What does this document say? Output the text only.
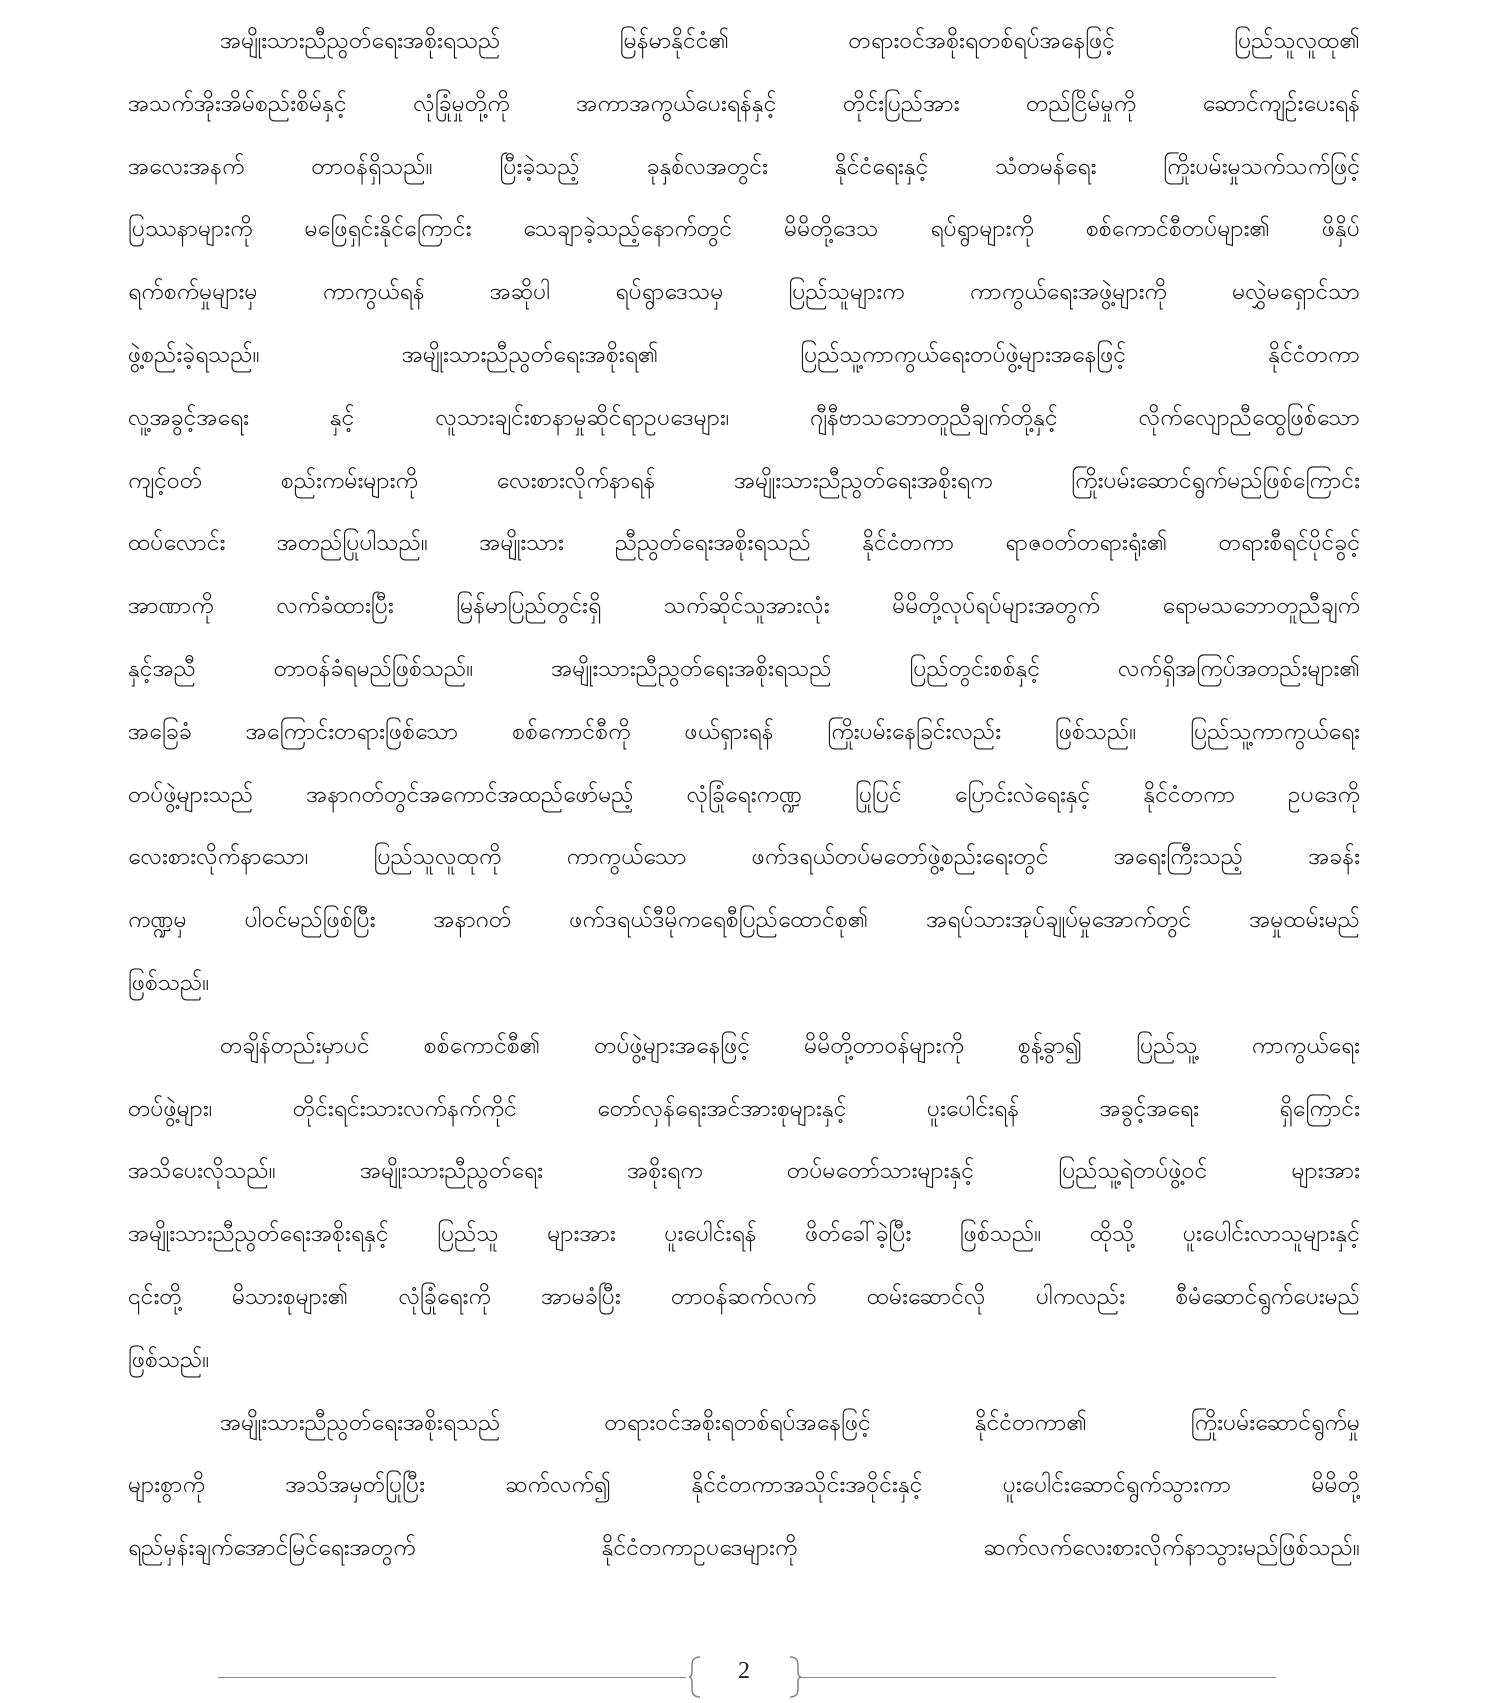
အမျိုးသားညီညွတ်ရေးအစိုးရသည် မြန်မာနိုင်ငံ၏ တရားဝင်အစိုးရတစ်ရပ်အနေဖြင့် ပြည်သူလူထု၏
အသက်အိုးအိမ်စည်းစိမ်နှင့် လုံခြုံမှုတို့ကို အကာအကွယ်ပေးရန်နှင့် တိုင်းပြည်အား တည်ငြိမ်မှုကို ဆောင်ကျဉ်းပေးရန်
အလေးအနက် တာဝန်ရှိသည်။ ပြီးခဲ့သည့် ခုနှစ်လအတွင်း နိုင်ငံရေးနှင့် သံတမန်ရေး ကြိုးပမ်းမှုသက်သက်ဖြင့်
ပြဿနာများကို မဖြေရှင်းနိုင်ကြောင်း သေချာခဲ့သည့်နောက်တွင် မိမိတို့ဒေသ ရပ်ရွာများကို စစ်ကောင်စီတပ်များ၏ ဖိနှိပ်
ရက်စက်မှုများမှ ကာကွယ်ရန် အဆိုပါ ရပ်ရွာဒေသမှ ပြည်သူများက ကာကွယ်ရေးအဖွဲ့များကို မလွှဲမရှောင်သာ
ဖွဲ့စည်းခဲ့ရသည်။ အမျိုးသားညီညွတ်ရေးအစိုးရ၏ ပြည်သူ့ကာကွယ်ရေးတပ်ဖွဲ့များအနေဖြင့် နိုင်ငံတကာ
လူ့အခွင့်အရေး နှင့် လူသားချင်းစာနာမှုဆိုင်ရာဥပဒေများ၊ ဂျီနီဗာသဘောတူညီချက်တို့နှင့် လိုက်လျောညီထွေဖြစ်သော
ကျင့်ဝတ် စည်းကမ်းများကို လေးစားလိုက်နာရန် အမျိုးသားညီညွတ်ရေးအစိုးရက ကြိုးပမ်းဆောင်ရွက်မည်ဖြစ်ကြောင်း
ထပ်လောင်း အတည်ပြုပါသည်။ အမျိုးသား ညီညွတ်ရေးအစိုးရသည် နိုင်ငံတကာ ရာဇဝတ်တရားရုံး၏ တရားစီရင်ပိုင်ခွင့်
အာဏာကို လက်ခံထားပြီး မြန်မာပြည်တွင်းရှိ သက်ဆိုင်သူအားလုံး မိမိတို့လုပ်ရပ်များအတွက် ရောမသဘောတူညီချက်
နှင့်အညီ တာဝန်ခံရမည်ဖြစ်သည်။ အမျိုးသားညီညွတ်ရေးအစိုးရသည် ပြည်တွင်းစစ်နှင့် လက်ရှိအကြပ်အတည်းများ၏
အခြေခံ အကြောင်းတရားဖြစ်သော စစ်ကောင်စီကို ဖယ်ရှားရန် ကြိုးပမ်းနေခြင်းလည်း ဖြစ်သည်။ ပြည်သူ့ကာကွယ်ရေး
တပ်ဖွဲ့များသည် အနာဂတ်တွင်အကောင်အထည်ဖော်မည့် လုံခြုံရေးကဏ္ဍ ပြုပြင် ပြောင်းလဲရေးနှင့် နိုင်ငံတကာ ဥပဒေကို
လေးစားလိုက်နာသော၊ ပြည်သူလူထုကို ကာကွယ်သော ဖက်ဒရယ်တပ်မတော်ဖွဲ့စည်းရေးတွင် အရေးကြီးသည့် အခန်း
ကဏ္ဍမှ ပါဝင်မည်ဖြစ်ပြီး အနာဂတ် ဖက်ဒရယ်ဒီမိုကရေစီပြည်ထောင်စု၏ အရပ်သားအုပ်ချုပ်မှုအောက်တွင် အမှုထမ်းမည်
ဖြစ်သည်။
တချိန်တည်းမှာပင် စစ်ကောင်စီ၏ တပ်ဖွဲ့များအနေဖြင့် မိမိတို့တာဝန်များကို စွန့်ခွာ၍ ပြည်သူ့ ကာကွယ်ရေး
တပ်ဖွဲ့များ၊ တိုင်းရင်းသားလက်နက်ကိုင် တော်လှန်ရေးအင်အားစုများနှင့် ပူးပေါင်းရန် အခွင့်အရေး ရှိကြောင်း
အသိပေးလိုသည်။ အမျိုးသားညီညွတ်ရေး အစိုးရက တပ်မတော်သားများနှင့် ပြည်သူ့ရဲတပ်ဖွဲ့ဝင် များအား
အမျိုးသားညီညွတ်ရေးအစိုးရနှင့် ပြည်သူ များအား ပူးပေါင်းရန် ဖိတ်ခေါ်ခဲ့ပြီး ဖြစ်သည်။ ထိုသို့ ပူးပေါင်းလာသူများနှင့်
၎င်းတို့ မိသားစုများ၏ လုံခြုံရေးကို အာမခံပြီး တာဝန်ဆက်လက် ထမ်းဆောင်လို ပါကလည်း စီမံဆောင်ရွက်ပေးမည်
ဖြစ်သည်။
အမျိုးသားညီညွတ်ရေးအစိုးရသည် တရားဝင်အစိုးရတစ်ရပ်အနေဖြင့် နိုင်ငံတကာ၏ ကြိုးပမ်းဆောင်ရွက်မှု
များစွာကို အသိအမှတ်ပြုပြီး ဆက်လက်၍ နိုင်ငံတကာအသိုင်းအဝိုင်းနှင့် ပူးပေါင်းဆောင်ရွက်သွားကာ မိမိတို့
ရည်မှန်းချက်အောင်မြင်ရေးအတွက် နိုင်ငံတကာဥပဒေများကို ဆက်လက်လေးစားလိုက်နာသွားမည်ဖြစ်သည်။
2
